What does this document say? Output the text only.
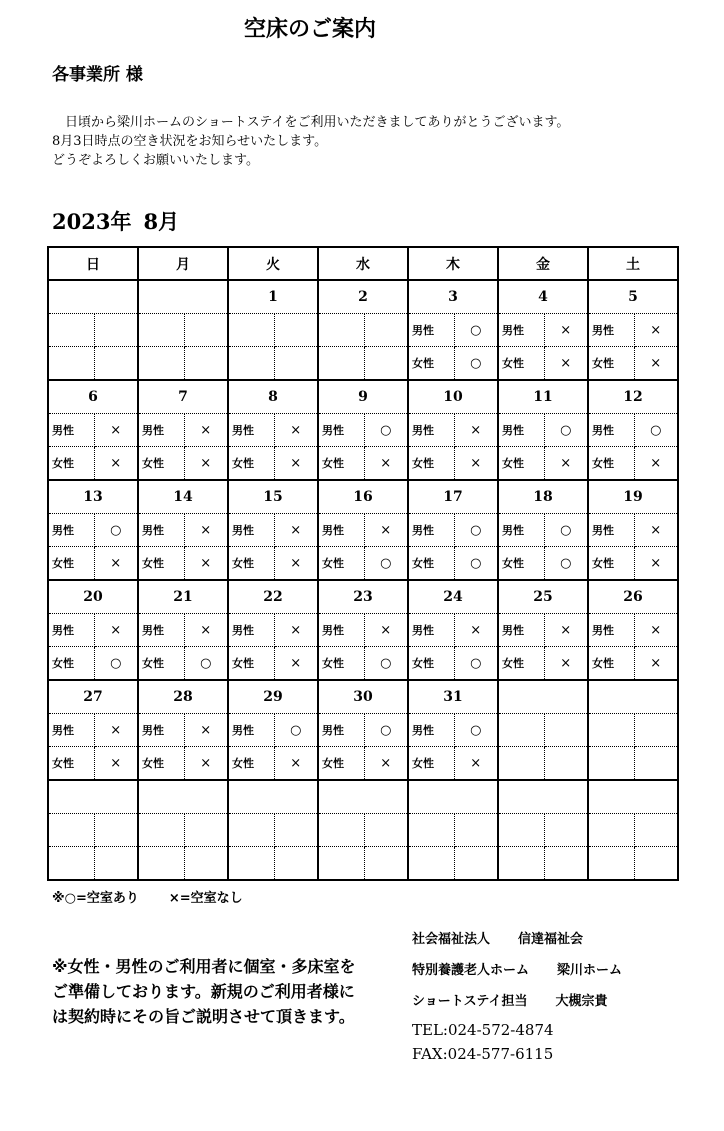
空床のご案内
各事業所 様
日頃から梁川ホームのショートステイをご利用いただきましてありがとうございます。
8月3日時点の空き状況をお知らせいたします。
どうぞよろしくお願いいたします。
2023年 8月
日		月		火		水		木		金		土	
				1		2		3		4		5	
								男性	○	男性	×	男性	×
								女性	○	女性	×	女性	×
6		7		8		9		10		11		12	
男性	×	男性	×	男性	×	男性	○	男性	×	男性	○	男性	○
女性	×	女性	×	女性	×	女性	×	女性	×	女性	×	女性	×
13		14		15		16		17		18		19	
男性	○	男性	×	男性	×	男性	×	男性	○	男性	○	男性	×
女性	×	女性	×	女性	×	女性	○	女性	○	女性	○	女性	×
20		21		22		23		24		25		26	
男性	×	男性	×	男性	×	男性	×	男性	×	男性	×	男性	×
女性	○	女性	○	女性	×	女性	○	女性	○	女性	×	女性	×
27		28		29		30		31					
男性	×	男性	×	男性	○	男性	○	男性	○				
女性	×	女性	×	女性	×	女性	×	女性	×				

※○=空室あり ×=空室なし
※女性・男性のご利用者に個室・多床室をご準備しております。新規のご利用者様には契約時にその旨ご説明させて頂きます。
社会福祉法人 信達福祉会
特別養護老人ホーム 梁川ホーム
ショートステイ担当 大槻宗貴
TEL:024-572-4874
FAX:024-577-6115
